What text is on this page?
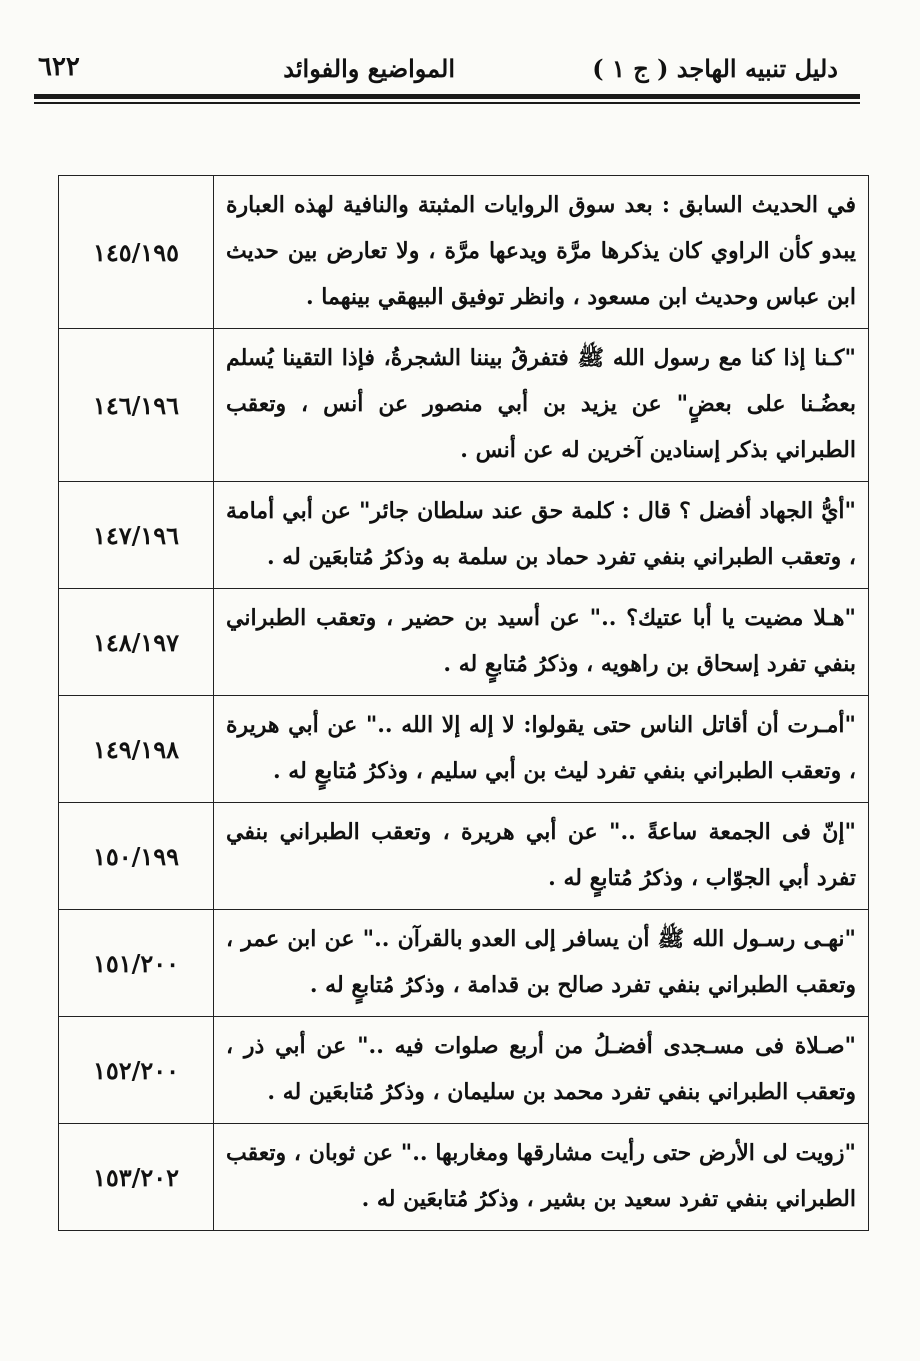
دليل تنبيه الهاجد ( ج ١ )
المواضيع والفوائد
٦٢٢
في الحديث السابق : بعد سوق الروايات المثبتة والنافية لهذه العبارة يبدو كأن الراوي كان يذكرها مرَّة ويدعها مرَّة ، ولا تعارض بين حديث ابن عباس وحديث ابن مسعود ، وانظر توفيق البيهقي بينهما .	١٤٥/١٩٥
"كـنا إذا كنا مع رسول الله ﷺ فتفرقُ بيننا الشجرةُ، فإذا التقينا يُسلم بعضُـنا على بعضٍ" عن يزيد بن أبي منصور عن أنس ، وتعقب الطبراني بذكر إسنادين آخرين له عن أنس .	١٤٦/١٩٦
"أيُّ الجهاد أفضل ؟ قال : كلمة حق عند سلطان جائر" عن أبي أمامة ، وتعقب الطبراني بنفي تفرد حماد بن سلمة به وذكرُ مُتابعَين له .	١٤٧/١٩٦
"هـلا مضيت يا أبا عتيك؟ .." عن أسيد بن حضير ، وتعقب الطبراني بنفي تفرد إسحاق بن راهويه ، وذكرُ مُتابعٍ له .	١٤٨/١٩٧
"أمـرت أن أقاتل الناس حتى يقولوا: لا إله إلا الله .." عن أبي هريرة ، وتعقب الطبراني بنفي تفرد ليث بن أبي سليم ، وذكرُ مُتابعٍ له .	١٤٩/١٩٨
"إنّ فى الجمعة ساعةً .." عن أبي هريرة ، وتعقب الطبراني بنفي تفرد أبي الجوّاب ، وذكرُ مُتابعٍ له .	١٥٠/١٩٩
"نهـى رسـول الله ﷺ أن يسافر إلى العدو بالقرآن .." عن ابن عمر ، وتعقب الطبراني بنفي تفرد صالح بن قدامة ، وذكرُ مُتابعٍ له .	١٥١/٢٠٠
"صـلاة فى مسـجدى أفضـلُ من أربع صلوات فيه .." عن أبي ذر ، وتعقب الطبراني بنفي تفرد محمد بن سليمان ، وذكرُ مُتابعَين له .	١٥٢/٢٠٠
"زويت لى الأرض حتى رأيت مشارقها ومغاربها .." عن ثوبان ، وتعقب الطبراني بنفي تفرد سعيد بن بشير ، وذكرُ مُتابعَين له .	١٥٣/٢٠٢
